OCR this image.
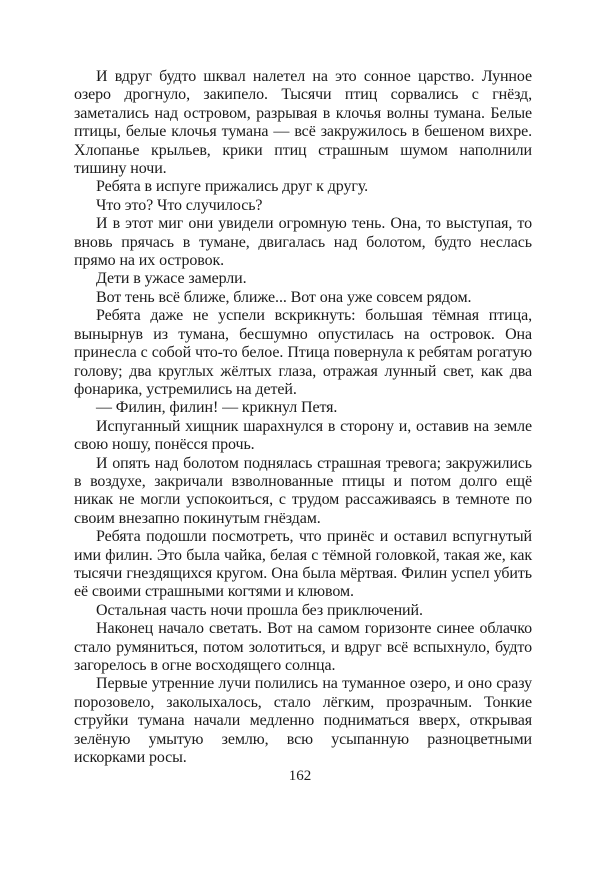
И вдруг будто шквал налетел на это сонное царство. Лунное озеро дрогнуло, закипело. Тысячи птиц сорвались с гнёзд, заметались над островом, разрывая в клочья волны тумана. Белые птицы, белые клочья тумана — всё закружилось в бешеном вихре. Хлопанье крыльев, крики птиц страшным шумом наполнили тишину ночи.

Ребята в испуге прижались друг к другу.

Что это? Что случилось?

И в этот миг они увидели огромную тень. Она, то выступая, то вновь прячась в тумане, двигалась над болотом, будто неслась прямо на их островок.

Дети в ужасе замерли.

Вот тень всё ближе, ближе... Вот она уже совсем рядом.

Ребята даже не успели вскрикнуть: большая тёмная птица, вынырнув из тумана, бесшумно опустилась на островок. Она принесла с собой что-то белое. Птица повернула к ребятам рогатую голову; два круглых жёлтых глаза, отражая лунный свет, как два фонарика, устремились на детей.

— Филин, филин! — крикнул Петя.

Испуганный хищник шарахнулся в сторону и, оставив на земле свою ношу, понёсся прочь.

И опять над болотом поднялась страшная тревога; закружились в воздухе, закричали взволнованные птицы и потом долго ещё никак не могли успокоиться, с трудом рассаживаясь в темноте по своим внезапно покинутым гнёздам.

Ребята подошли посмотреть, что принёс и оставил вспугнутый ими филин. Это была чайка, белая с тёмной головкой, такая же, как тысячи гнездящихся кругом. Она была мёртвая. Филин успел убить её своими страшными когтями и клювом.

Остальная часть ночи прошла без приключений.

Наконец начало светать. Вот на самом горизонте синее облачко стало румяниться, потом золотиться, и вдруг всё вспыхнуло, будто загорелось в огне восходящего солнца.

Первые утренние лучи полились на туманное озеро, и оно сразу порозовело, заколыхалось, стало лёгким, прозрачным. Тонкие струйки тумана начали медленно подниматься вверх, открывая зелёную умытую землю, всю усыпанную разноцветными искорками росы.

162
